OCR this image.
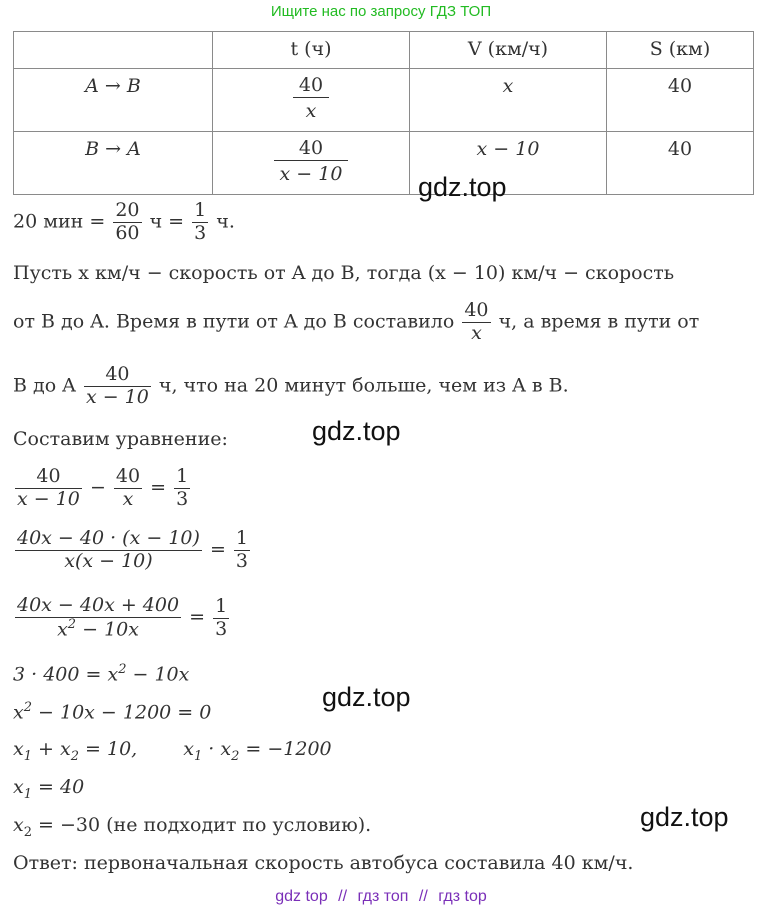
Ищите нас по запросу ГДЗ ТОП
	t (ч)	V (км/ч)	S (км)
A → B	$\frac{40}{x}$	x	40
B → A	$\frac{40}{x - 10}$	x − 10	40
20 мин = $\frac{20}{60}$ $ч = \frac{1}{3} ч$.
Пусть x км/ч − скорость от A до B, тогда (x − 10) км/ч − скорость
от B до A. Время в пути от A до B составило $\frac{40}{x} ч$, а время в пути от
B до A $\frac{40}{x - 10} ч$, что на 20 минут больше, чем из A в B.
Составим уравнение:
$\frac{40}{x - 10} - \frac{40}{x} = \frac{1}{3}$
$\frac{40x - 40 \cdot (x - 10)}{x(x - 10)} = \frac{1}{3}$
$\frac{40x - 40x + 400}{x^2 - 10x} = \frac{1}{3}$
$3 \cdot 400 = x^2 - 10x$
$x^2 - 10x - 1200 = 0$
$x_1 + x_2 = 10$, $x_1 \cdot x_2 = -1200$
$x_1 = 40$
$x_2 = -30$ (не подходит по условию).
Ответ: первоначальная скорость автобуса составила 40 км/ч.
gdz.top
gdz.top
gdz.top
gdz.top
gdz top // гдз топ // гдз top
